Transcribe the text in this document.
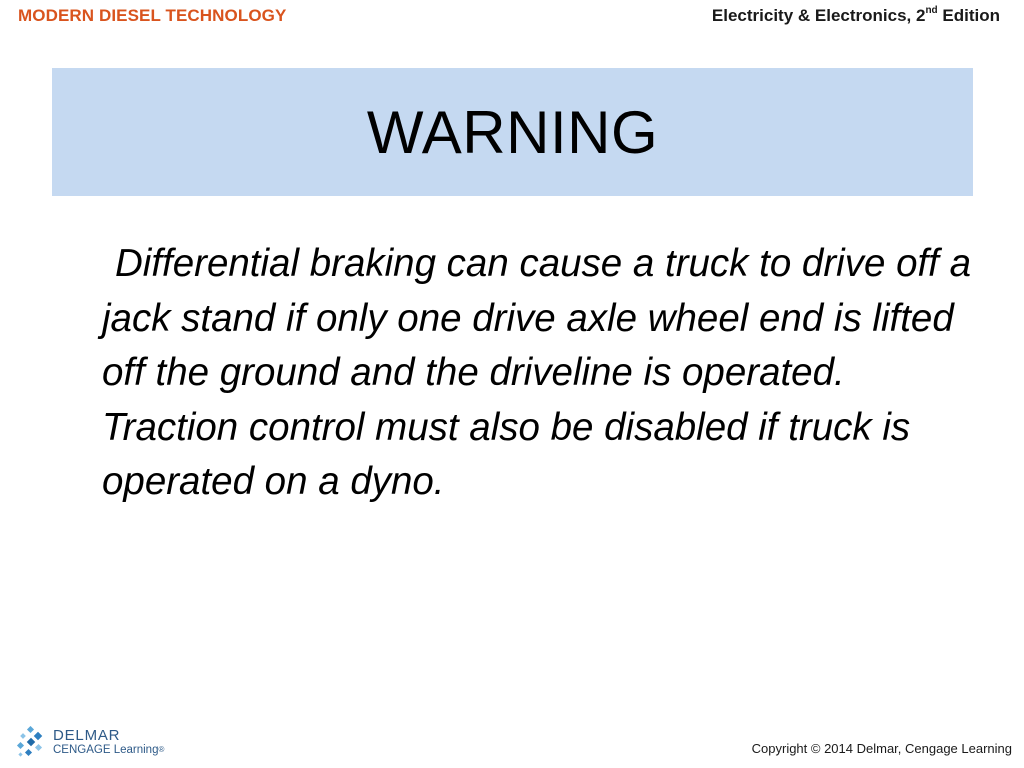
MODERN DIESEL TECHNOLOGY	Electricity & Electronics, 2nd Edition
WARNING
Differential braking can cause a truck to drive off a jack stand if only one drive axle wheel end is lifted off the ground and the driveline is operated. Traction control must also be disabled if truck is operated on a dyno.
DELMAR
CENGAGE Learning®	Copyright © 2014 Delmar, Cengage Learning
